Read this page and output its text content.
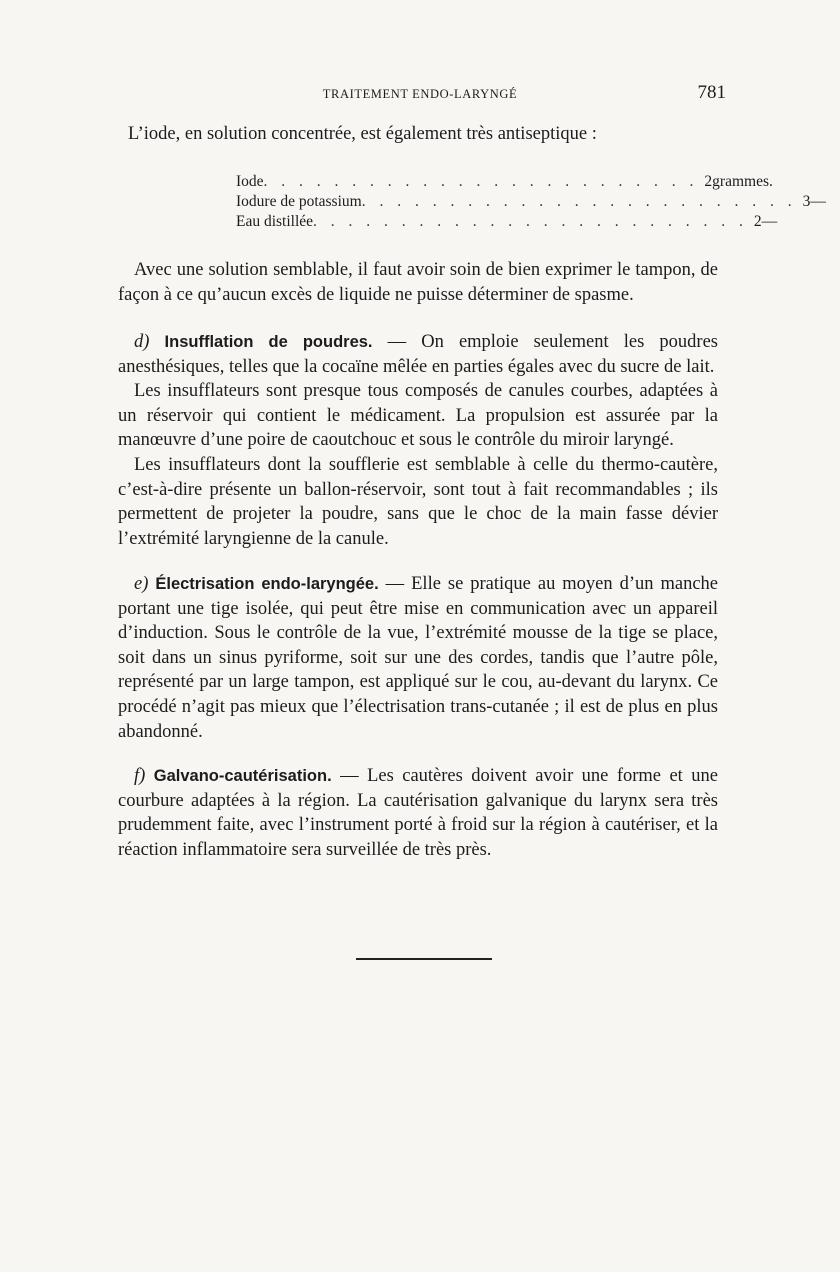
TRAITEMENT ENDO-LARYNGÉ	781
L’iode, en solution concentrée, est également très antiseptique :
Iode . . . . . . . . . . . . . . . . . . . . . . . . . 2 grammes.
Iodure de potassium . . . . . . . . . . . . . . . . . . . . . . . . . 3 —
Eau distillée . . . . . . . . . . . . . . . . . . . . . . . . . 2 —

Avec une solution semblable, il faut avoir soin de bien exprimer le tampon, de façon à ce qu’aucun excès de liquide ne puisse déterminer de spasme.

d) Insufflation de poudres. — On emploie seulement les poudres anesthésiques, telles que la cocaïne mêlée en parties égales avec du sucre de lait.

Les insufflateurs sont presque tous composés de canules courbes, adaptées à un réservoir qui contient le médicament. La propulsion est assurée par la manœuvre d’une poire de caoutchouc et sous le contrôle du miroir laryngé.

Les insufflateurs dont la soufflerie est semblable à celle du thermo-cautère, c’est-à-dire présente un ballon-réservoir, sont tout à fait recommandables ; ils permettent de projeter la poudre, sans que le choc de la main fasse dévier l’extrémité laryngienne de la canule.

e) Électrisation endo-laryngée. — Elle se pratique au moyen d’un manche portant une tige isolée, qui peut être mise en communication avec un appareil d’induction. Sous le contrôle de la vue, l’extrémité mousse de la tige se place, soit dans un sinus pyriforme, soit sur une des cordes, tandis que l’autre pôle, représenté par un large tampon, est appliqué sur le cou, au-devant du larynx. Ce procédé n’agit pas mieux que l’électrisation trans-cutanée ; il est de plus en plus abandonné.

f) Galvano-cautérisation. — Les cautères doivent avoir une forme et une courbure adaptées à la région. La cautérisation galvanique du larynx sera très prudemment faite, avec l’instrument porté à froid sur la région à cautériser, et la réaction inflammatoire sera surveillée de très près.
